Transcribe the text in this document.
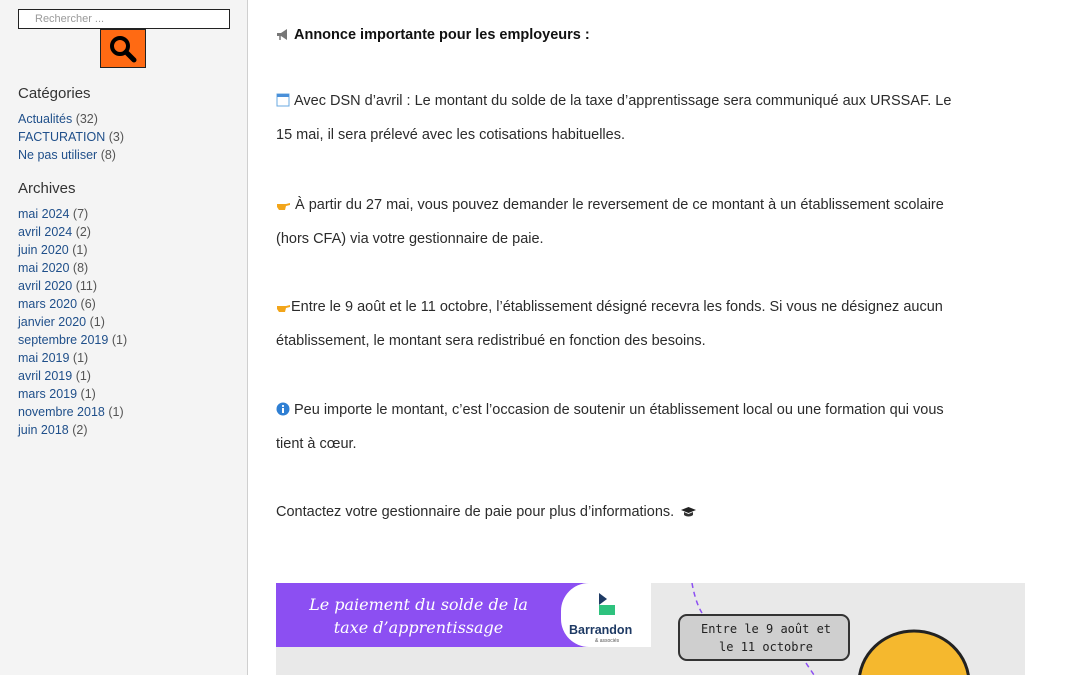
Rechercher ...
Catégories
Actualités (32)
FACTURATION (3)
Ne pas utiliser (8)
Archives
mai 2024 (7)
avril 2024 (2)
juin 2020 (1)
mai 2020 (8)
avril 2020 (11)
mars 2020 (6)
janvier 2020 (1)
septembre 2019 (1)
mai 2019 (1)
avril 2019 (1)
mars 2019 (1)
novembre 2018 (1)
juin 2018 (2)
Annonce importante pour les employeurs :
Avec DSN d’avril : Le montant du solde de la taxe d’apprentissage sera communiqué aux URSSAF. Le
15 mai, il sera prélevé avec les cotisations habituelles.
À partir du 27 mai, vous pouvez demander le reversement de ce montant à un établissement scolaire
(hors CFA) via votre gestionnaire de paie.
Entre le 9 août et le 11 octobre, l’établissement désigné recevra les fonds. Si vous ne désignez aucun
établissement, le montant sera redistribué en fonction des besoins.
Peu importe le montant, c’est l’occasion de soutenir un établissement local ou une formation qui vous
tient à cœur.
Contactez votre gestionnaire de paie pour plus d’informations.
Le paiement du solde de la
taxe d’apprentissage	Barrandon
& associés
Entre le 9 août et
le 11 octobre
